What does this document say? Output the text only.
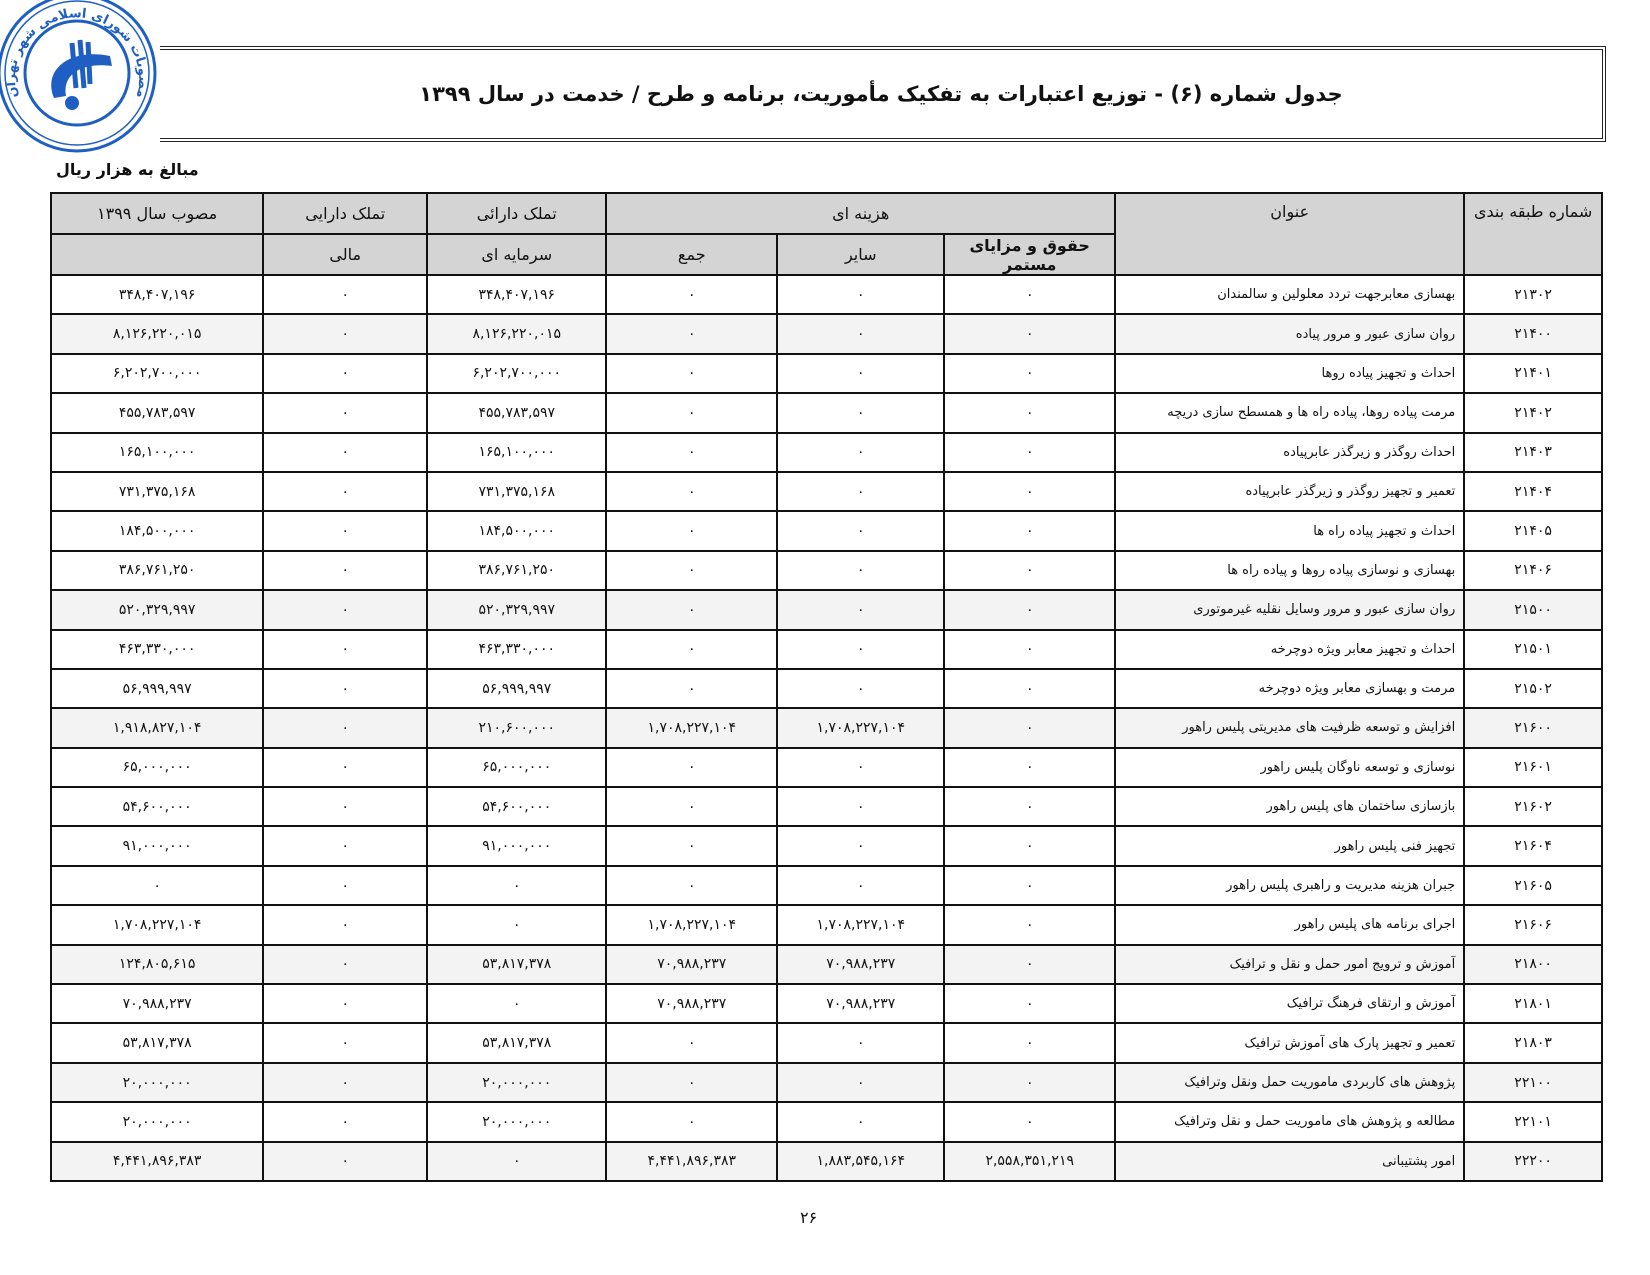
مصوبات شورای اسلامی شهر تهران	جدول شماره (۶) - توزیع اعتبارات به تفکیک مأموریت، برنامه و طرح / خدمت در سال ۱۳۹۹
مبالغ به هزار ریال
شماره طبقه بندی	عنوان	هزینه ای			تملک دارائی	تملک دارایی	مصوب سال ۱۳۹۹
		حقوق و مزایای مستمر	سایر	جمع	سرمایه ای	مالی	
۲۱۳۰۲	بهسازی معابرجهت تردد معلولین و سالمندان	۰	۰	۰	۳۴۸,۴۰۷,۱۹۶	۰	۳۴۸,۴۰۷,۱۹۶
۲۱۴۰۰	روان سازی عبور و مرور پیاده	۰	۰	۰	۸,۱۲۶,۲۲۰,۰۱۵	۰	۸,۱۲۶,۲۲۰,۰۱۵
۲۱۴۰۱	احداث و تجهیز پیاده روها	۰	۰	۰	۶,۲۰۲,۷۰۰,۰۰۰	۰	۶,۲۰۲,۷۰۰,۰۰۰
۲۱۴۰۲	مرمت پیاده روها، پیاده راه ها و همسطح سازی دریچه	۰	۰	۰	۴۵۵,۷۸۳,۵۹۷	۰	۴۵۵,۷۸۳,۵۹۷
۲۱۴۰۳	احداث روگذر و زیرگذر عابرپیاده	۰	۰	۰	۱۶۵,۱۰۰,۰۰۰	۰	۱۶۵,۱۰۰,۰۰۰
۲۱۴۰۴	تعمیر و تجهیز روگذر و زیرگذر عابرپیاده	۰	۰	۰	۷۳۱,۳۷۵,۱۶۸	۰	۷۳۱,۳۷۵,۱۶۸
۲۱۴۰۵	احداث و تجهیز پیاده راه ها	۰	۰	۰	۱۸۴,۵۰۰,۰۰۰	۰	۱۸۴,۵۰۰,۰۰۰
۲۱۴۰۶	بهسازی و نوسازی پیاده روها و پیاده راه ها	۰	۰	۰	۳۸۶,۷۶۱,۲۵۰	۰	۳۸۶,۷۶۱,۲۵۰
۲۱۵۰۰	روان سازی عبور و مرور وسایل نقلیه غیرموتوری	۰	۰	۰	۵۲۰,۳۲۹,۹۹۷	۰	۵۲۰,۳۲۹,۹۹۷
۲۱۵۰۱	احداث و تجهیز معابر ویژه دوچرخه	۰	۰	۰	۴۶۳,۳۳۰,۰۰۰	۰	۴۶۳,۳۳۰,۰۰۰
۲۱۵۰۲	مرمت و بهسازی معابر ویژه دوچرخه	۰	۰	۰	۵۶,۹۹۹,۹۹۷	۰	۵۶,۹۹۹,۹۹۷
۲۱۶۰۰	افزایش و توسعه ظرفیت های مدیریتی پلیس راهور	۰	۱,۷۰۸,۲۲۷,۱۰۴	۱,۷۰۸,۲۲۷,۱۰۴	۲۱۰,۶۰۰,۰۰۰	۰	۱,۹۱۸,۸۲۷,۱۰۴
۲۱۶۰۱	نوسازی و توسعه ناوگان پلیس راهور	۰	۰	۰	۶۵,۰۰۰,۰۰۰	۰	۶۵,۰۰۰,۰۰۰
۲۱۶۰۲	بازسازی ساختمان های پلیس راهور	۰	۰	۰	۵۴,۶۰۰,۰۰۰	۰	۵۴,۶۰۰,۰۰۰
۲۱۶۰۴	تجهیز فنی پلیس راهور	۰	۰	۰	۹۱,۰۰۰,۰۰۰	۰	۹۱,۰۰۰,۰۰۰
۲۱۶۰۵	جبران هزینه مدیریت و راهبری پلیس راهور	۰	۰	۰	۰	۰	۰
۲۱۶۰۶	اجرای برنامه های پلیس راهور	۰	۱,۷۰۸,۲۲۷,۱۰۴	۱,۷۰۸,۲۲۷,۱۰۴	۰	۰	۱,۷۰۸,۲۲۷,۱۰۴
۲۱۸۰۰	آموزش و ترویج امور حمل و نقل و ترافیک	۰	۷۰,۹۸۸,۲۳۷	۷۰,۹۸۸,۲۳۷	۵۳,۸۱۷,۳۷۸	۰	۱۲۴,۸۰۵,۶۱۵
۲۱۸۰۱	آموزش و ارتقای فرهنگ ترافیک	۰	۷۰,۹۸۸,۲۳۷	۷۰,۹۸۸,۲۳۷	۰	۰	۷۰,۹۸۸,۲۳۷
۲۱۸۰۳	تعمیر و تجهیز پارک های آموزش ترافیک	۰	۰	۰	۵۳,۸۱۷,۳۷۸	۰	۵۳,۸۱۷,۳۷۸
۲۲۱۰۰	پژوهش های کاربردی ماموریت حمل ونقل وترافیک	۰	۰	۰	۲۰,۰۰۰,۰۰۰	۰	۲۰,۰۰۰,۰۰۰
۲۲۱۰۱	مطالعه و پژوهش های ماموریت حمل و نقل وترافیک	۰	۰	۰	۲۰,۰۰۰,۰۰۰	۰	۲۰,۰۰۰,۰۰۰
۲۲۲۰۰	امور پشتیبانی	۲,۵۵۸,۳۵۱,۲۱۹	۱,۸۸۳,۵۴۵,۱۶۴	۴,۴۴۱,۸۹۶,۳۸۳	۰	۰	۴,۴۴۱,۸۹۶,۳۸۳
۲۶
